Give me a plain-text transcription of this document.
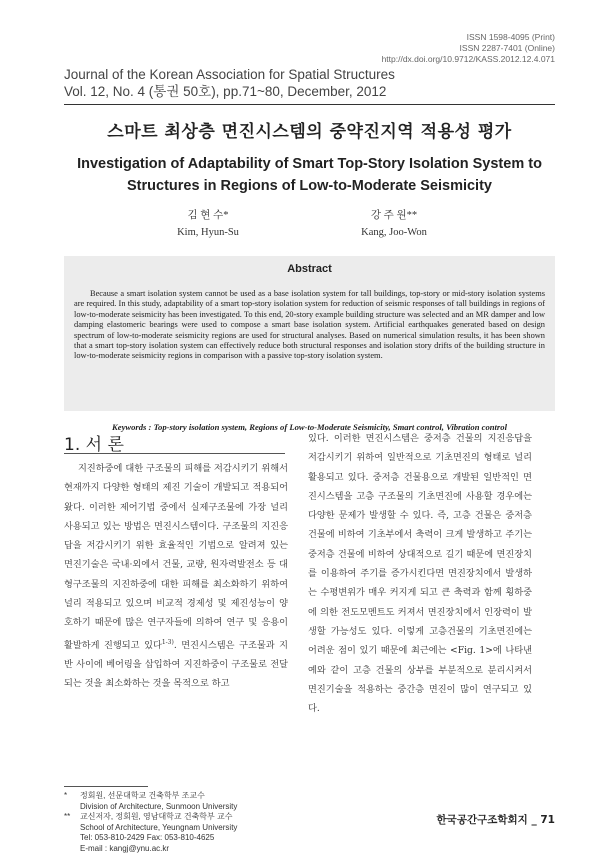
ISSN 1598-4095 (Print)
ISSN 2287-7401 (Online)
http://dx.doi.org/10.9712/KASS.2012.12.4.071
Journal of the Korean Association for Spatial Structures
Vol. 12, No. 4 (통권 50호), pp.71~80, December, 2012
스마트 최상층 면진시스템의 중약진지역 적용성 평가
Investigation of Adaptability of Smart Top-Story Isolation System to
Structures in Regions of Low-to-Moderate Seismicity
김 현 수*
Kim, Hyun-Su
강 주 원**
Kang, Joo-Won
Abstract
Because a smart isolation system cannot be used as a base isolation system for tall buildings, top-story or mid-story isolation systems are required. In this study, adaptability of a smart top-story isolation system for reduction of seismic responses of tall buildings in regions of low-to-moderate seismicity has been investigated. To this end, 20-story example building structure was selected and an MR damper and low damping elastomeric bearings were used to compose a smart base isolation system. Artificial earthquakes generated based on design spectrum of low-to-moderate seismicity regions are used for structural analyses. Based on numerical simulation results, it has been shown that a smart top-story isolation system can effectively reduce both structural responses and isolation story drifts of the building structure in low-to-moderate seismicity regions in comparison with a passive top-story isolation system.
Keywords : Top-story isolation system, Regions of Low-to-Moderate Seismicity, Smart control, Vibration control
1. 서 론
지진하중에 대한 구조물의 피해를 저감시키기 위해서 현재까지 다양한 형태의 제진 기술이 개발되고 적용되어 왔다. 이러한 제어기법 중에서 실제구조물에 가장 널리 사용되고 있는 방법은 면진시스템이다. 구조물의 지진응답을 저감시키기 위한 효율적인 기법으로 알려져 있는 면진기술은 국내·외에서 건물, 교량, 원자력발전소 등 대형구조물의 지진하중에 대한 피해를 최소화하기 위하여 널리 적용되고 있으며 비교적 경제성 및 제진성능이 양호하기 때문에 많은 연구자들에 의하여 연구 및 응용이 활발하게 진행되고 있다$^{1-3)}$. 면진시스템은 구조물과 지반 사이에 베어링을 삽입하여 지진하중이 구조물로 전달되는 것을 최소화하는 것을 목적으로 하고
있다. 이러한 면진시스템은 중저층 건물의 지진응답을 저감시키기 위하여 일반적으로 기초면진의 형태로 널리 활용되고 있다. 중저층 건물용으로 개발된 일반적인 면진시스템을 고층 구조물의 기초면진에 사용할 경우에는 다양한 문제가 발생할 수 있다. 즉, 고층 건물은 중저층 건물에 비하여 기초부에서 축력이 크게 발생하고 주기는 중저층 건물에 비하여 상대적으로 길기 때문에 면진장치를 이용하여 주기를 증가시킨다면 면진장치에서 발생하는 수평변위가 매우 커지게 되고 큰 축력과 함께 횡하중에 의한 전도모멘트도 커져서 면진장치에서 인장력이 발생할 가능성도 있다. 이렇게 고층건물의 기초면진에는 어려운 점이 있기 때문에 최근에는 <Fig. 1>에 나타낸 예와 같이 고층 건물의 상부를 부분적으로 분리시켜서 면진기술을 적용하는 중간층 면진이 많이 연구되고 있다.
* 정회원, 선문대학교 건축학부 조교수
Division of Architecture, Sunmoon University
** 교신저자, 정회원, 영남대학교 건축학부 교수
School of Architecture, Yeungnam University
Tel: 053-810-2429 Fax: 053-810-4625
E-mail : kangj@ynu.ac.kr
한국공간구조학회지 _ 71
